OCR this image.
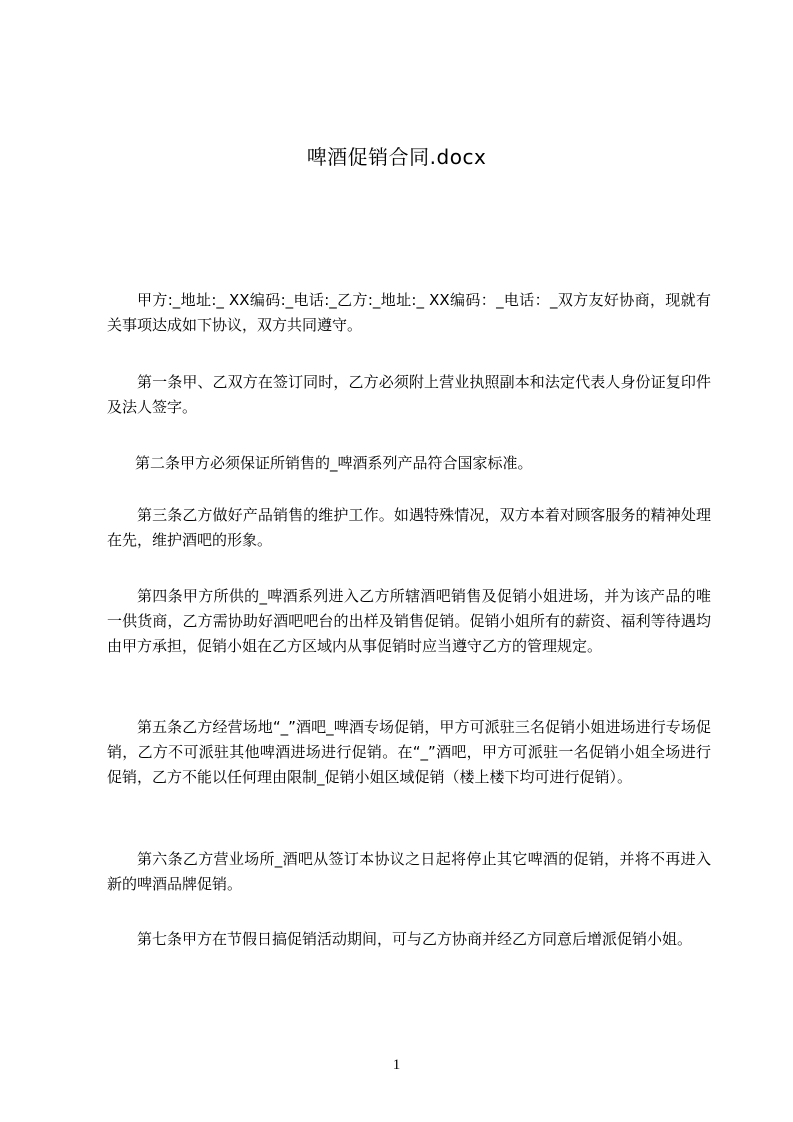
啤酒促销合同.docx

甲方:_地址:_ XX编码:_电话:_乙方:_地址:_ XX编码：_电话：_双方友好协商，现就有关事项达成如下协议，双方共同遵守。

第一条甲、乙双方在签订同时，乙方必须附上营业执照副本和法定代表人身份证复印件及法人签字。

第二条甲方必须保证所销售的_啤酒系列产品符合国家标准。

第三条乙方做好产品销售的维护工作。如遇特殊情况，双方本着对顾客服务的精神处理在先，维护酒吧的形象。

第四条甲方所供的_啤酒系列进入乙方所辖酒吧销售及促销小姐进场，并为该产品的唯一供货商，乙方需协助好酒吧吧台的出样及销售促销。促销小姐所有的薪资、福利等待遇均由甲方承担，促销小姐在乙方区域内从事促销时应当遵守乙方的管理规定。

第五条乙方经营场地“_”酒吧_啤酒专场促销，甲方可派驻三名促销小姐进场进行专场促销，乙方不可派驻其他啤酒进场进行促销。在“_”酒吧，甲方可派驻一名促销小姐全场进行促销，乙方不能以任何理由限制_促销小姐区域促销（楼上楼下均可进行促销）。

第六条乙方营业场所_酒吧从签订本协议之日起将停止其它啤酒的促销，并将不再进入新的啤酒品牌促销。

第七条甲方在节假日搞促销活动期间，可与乙方协商并经乙方同意后增派促销小姐。

1
